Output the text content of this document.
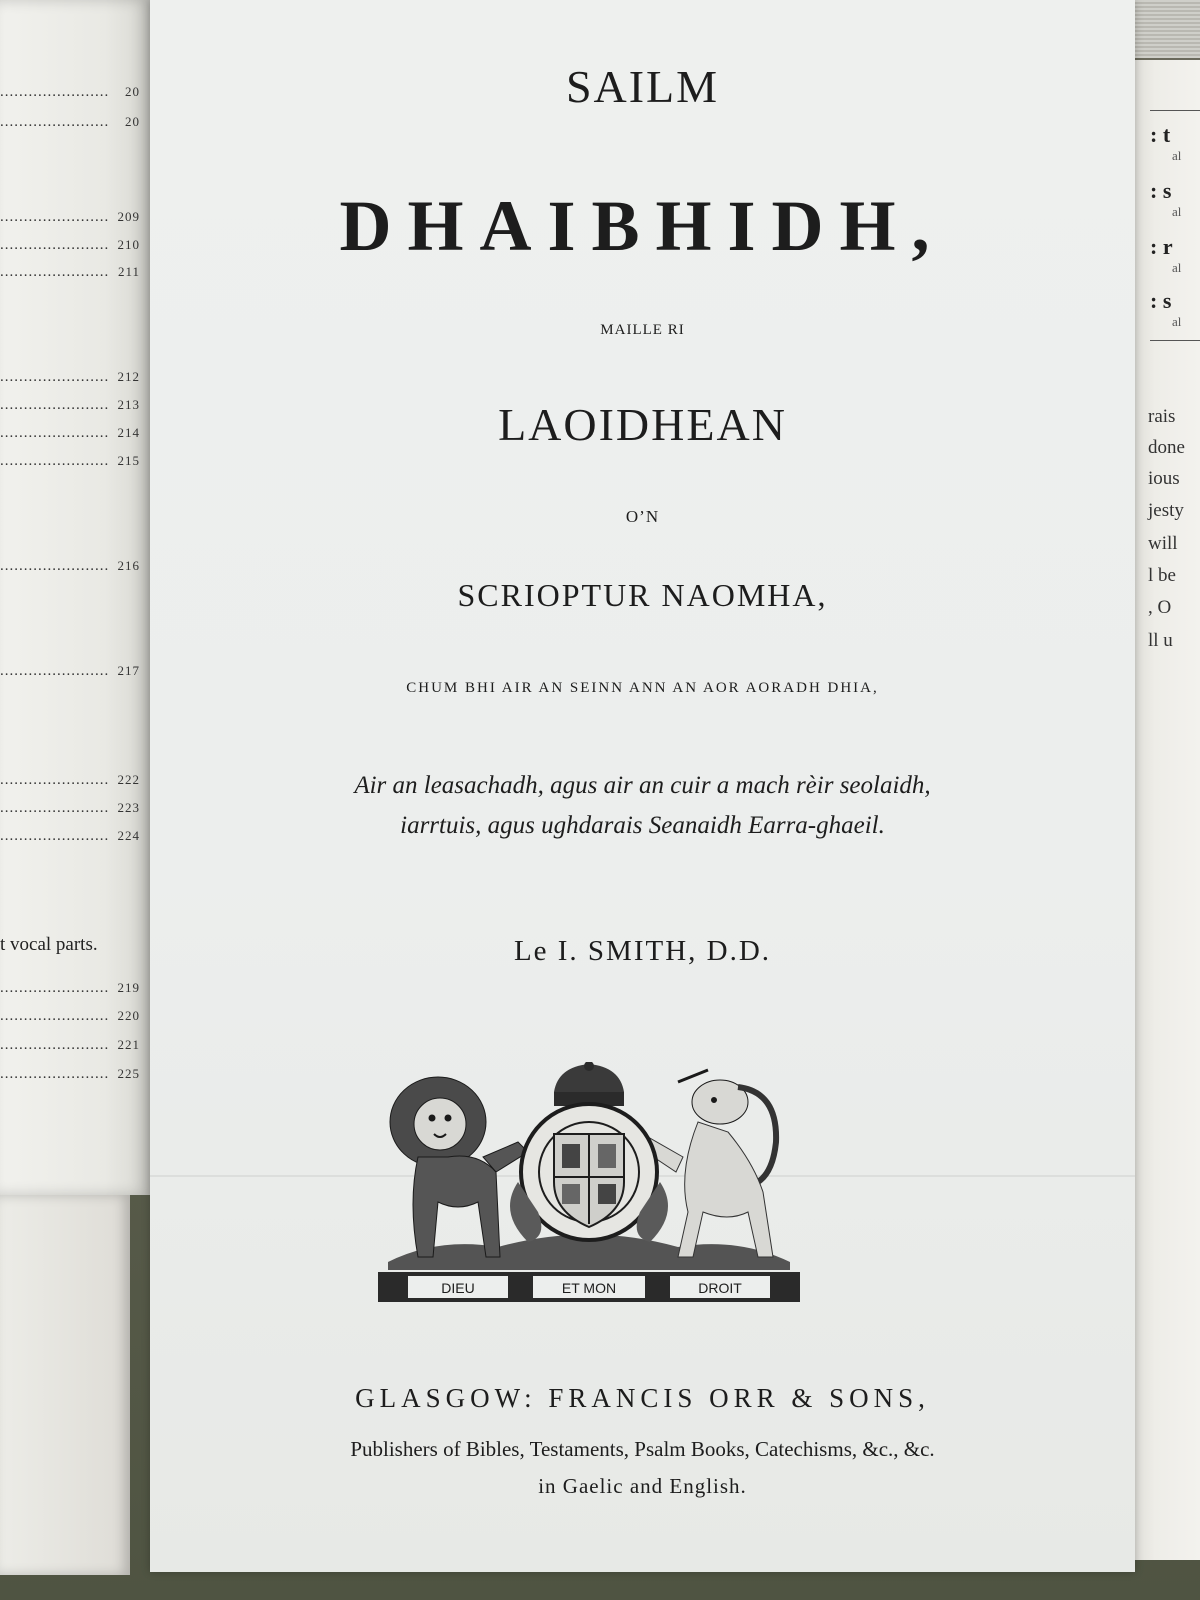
....................... 20
....................... 20
....................... 209
....................... 210
....................... 211
....................... 212
....................... 213
....................... 214
....................... 215
....................... 216
....................... 217
....................... 222
....................... 223
....................... 224
t vocal parts.
....................... 219
....................... 220
....................... 221
....................... 225
: t
al
: s
al
: r
al
: s
al
rais
done
ious
jesty
will
l be
, O
ll u
SAILM
DHAIBHIDH,
MAILLE RI
LAOIDHEAN
O’N
SCRIOPTUR NAOMHA,
CHUM BHI AIR AN SEINN ANN AN AOR AORADH DHIA,
Air an leasachadh, agus air an cuir a mach rèir seolaidh,
iarrtuis, agus ughdarais Seanaidh Earra-ghaeil.
Le I. SMITH, D.D.
DIEU	ET MON	DROIT
GLASGOW: FRANCIS ORR & SONS,
Publishers of Bibles, Testaments, Psalm Books, Catechisms, &c., &c.
in Gaelic and English.
